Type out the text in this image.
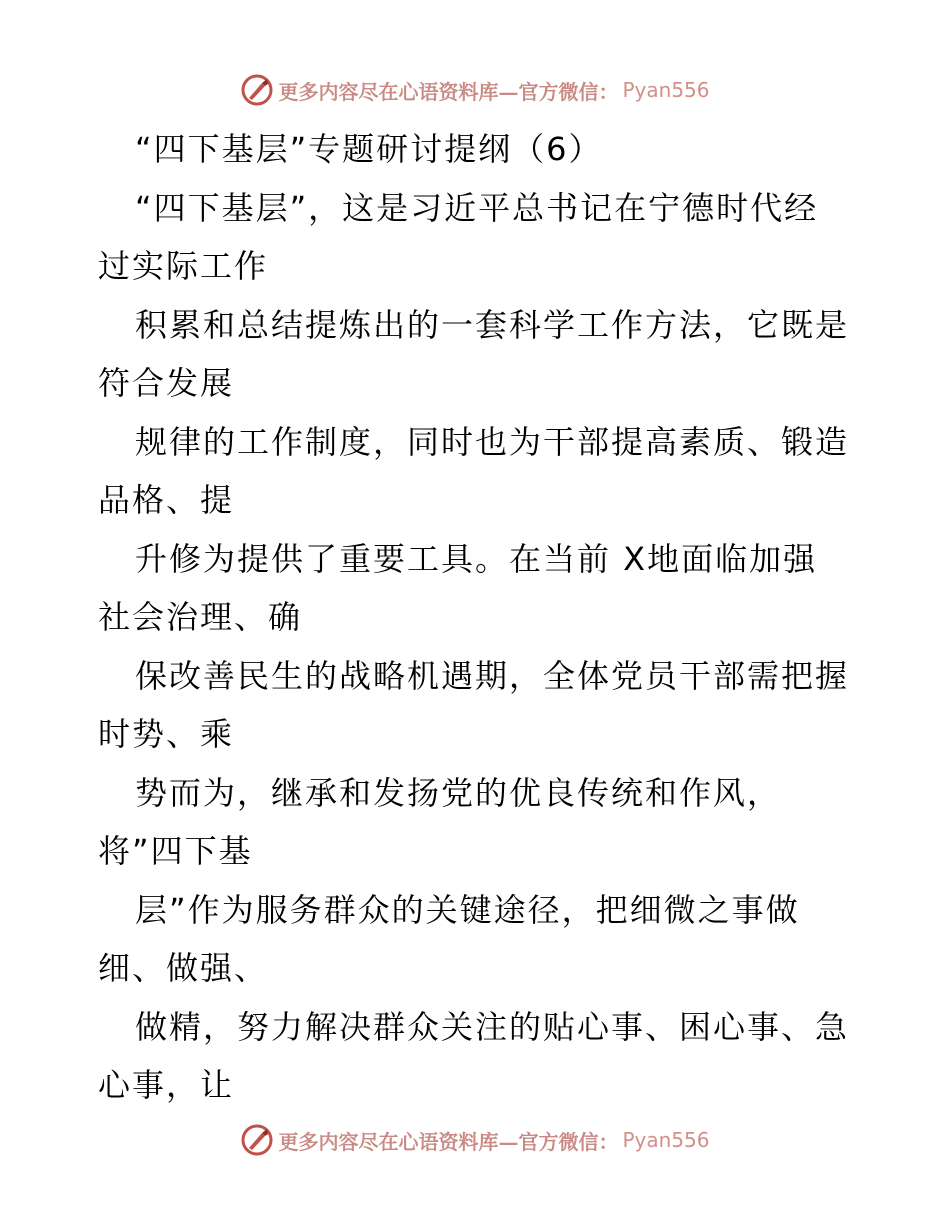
更多内容尽在心语资料库—官方微信： Pyan556
“四下基层”专题研讨提纲（6）
“四下基层”，这是习近平总书记在宁德时代经
过实际工作
积累和总结提炼出的一套科学工作方法，它既是
符合发展
规律的工作制度，同时也为干部提高素质、锻造
品格、提
升修为提供了重要工具。在当前 X地面临加强
社会治理、确
保改善民生的战略机遇期，全体党员干部需把握
时势、乘
势而为，继承和发扬党的优良传统和作风，
将”四下基
层”作为服务群众的关键途径，把细微之事做
细、做强、
做精，努力解决群众关注的贴心事、困心事、急
心事，让
更多内容尽在心语资料库—官方微信： Pyan556
